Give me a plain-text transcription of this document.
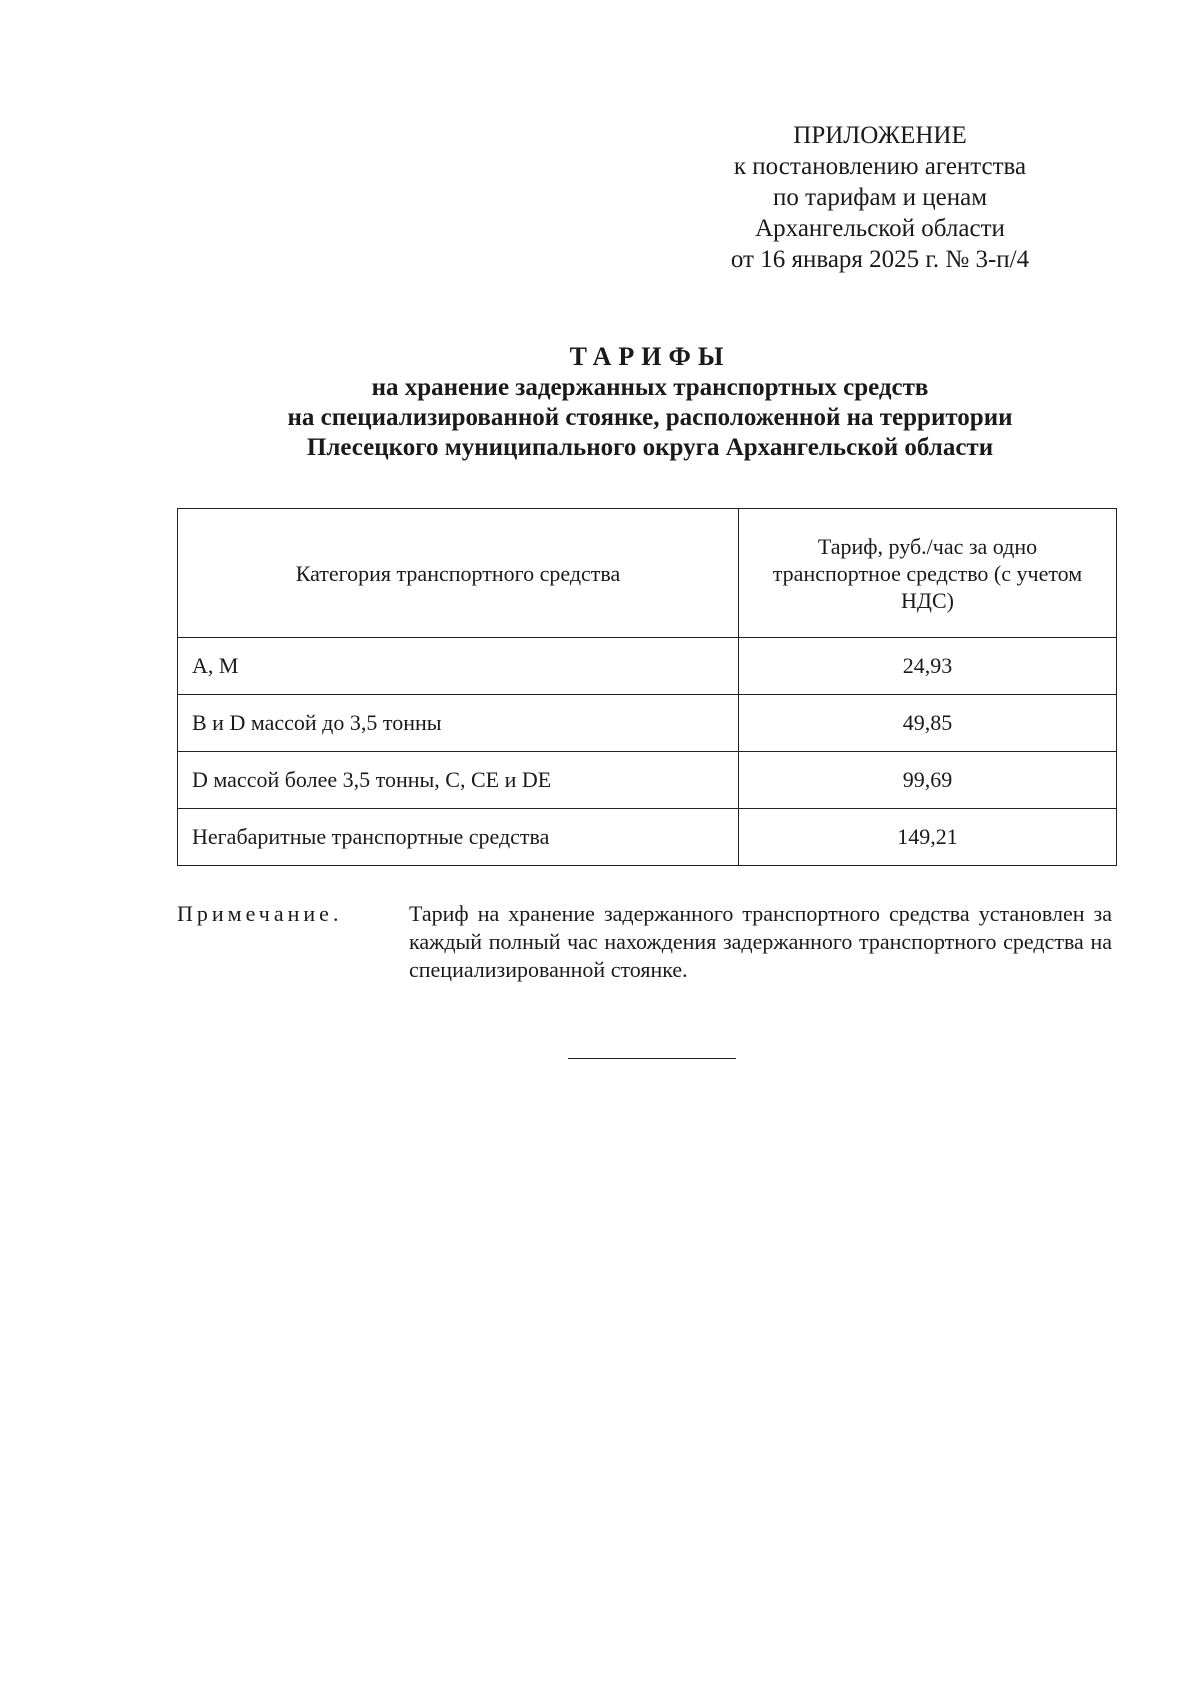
ПРИЛОЖЕНИЕ
к постановлению агентства
по тарифам и ценам
Архангельской области
от 16 января 2025 г. № 3-п/4
ТАРИФЫ
на хранение задержанных транспортных средств
на специализированной стоянке, расположенной на территории
Плесецкого муниципального округа Архангельской области
Категория транспортного средства	Тариф, руб./час за одно транспортное средство (с учетом НДС)
А, М	24,93
В и D массой до 3,5 тонны	49,85
D массой более 3,5 тонны, С, СЕ и DE	99,69
Негабаритные транспортные средства	149,21
Примечание.	Тариф на хранение задержанного транспортного средства установлен за каждый полный час нахождения задержанного транспортного средства на специализированной стоянке.
